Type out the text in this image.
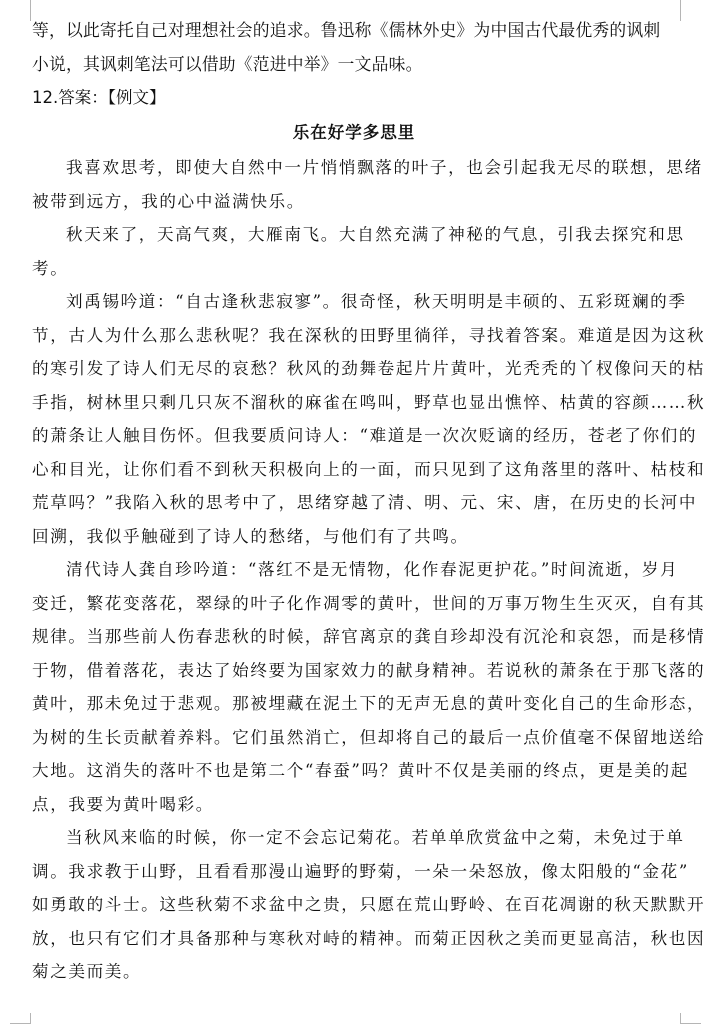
等，以此寄托自己对理想社会的追求。鲁迅称《儒林外史》为中国古代最优秀的讽刺
小说，其讽刺笔法可以借助《范进中举》一文品味。
12.答案：【例文】
乐在好学多思里
我喜欢思考，即使大自然中一片悄悄飘落的叶子，也会引起我无尽的联想，思绪
被带到远方，我的心中溢满快乐。
秋天来了，天高气爽，大雁南飞。大自然充满了神秘的气息，引我去探究和思
考。
刘禹锡吟道：“自古逢秋悲寂寥”。很奇怪，秋天明明是丰硕的、五彩斑斓的季
节，古人为什么那么悲秋呢？我在深秋的田野里徜徉，寻找着答案。难道是因为这秋
的寒引发了诗人们无尽的哀愁？秋风的劲舞卷起片片黄叶，光秃秃的丫杈像问天的枯
手指，树林里只剩几只灰不溜秋的麻雀在鸣叫，野草也显出憔悴、枯黄的容颜……秋
的萧条让人触目伤怀。但我要质问诗人：“难道是一次次贬谪的经历，苍老了你们的
心和目光，让你们看不到秋天积极向上的一面，而只见到了这角落里的落叶、枯枝和
荒草吗？”我陷入秋的思考中了，思绪穿越了清、明、元、宋、唐，在历史的长河中
回溯，我似乎触碰到了诗人的愁绪，与他们有了共鸣。
清代诗人龚自珍吟道：“落红不是无情物，化作春泥更护花。”时间流逝，岁月
变迁，繁花变落花，翠绿的叶子化作凋零的黄叶，世间的万事万物生生灭灭，自有其
规律。当那些前人伤春悲秋的时候，辞官离京的龚自珍却没有沉沦和哀怨，而是移情
于物，借着落花，表达了始终要为国家效力的献身精神。若说秋的萧条在于那飞落的
黄叶，那未免过于悲观。那被埋藏在泥土下的无声无息的黄叶变化自己的生命形态，
为树的生长贡献着养料。它们虽然消亡，但却将自己的最后一点价值毫不保留地送给
大地。这消失的落叶不也是第二个“春蚕”吗？黄叶不仅是美丽的终点，更是美的起
点，我要为黄叶喝彩。
当秋风来临的时候，你一定不会忘记菊花。若单单欣赏盆中之菊，未免过于单
调。我求教于山野，且看看那漫山遍野的野菊，一朵一朵怒放，像太阳般的“金花”
如勇敢的斗士。这些秋菊不求盆中之贵，只愿在荒山野岭、在百花凋谢的秋天默默开
放，也只有它们才具备那种与寒秋对峙的精神。而菊正因秋之美而更显高洁，秋也因
菊之美而美。
